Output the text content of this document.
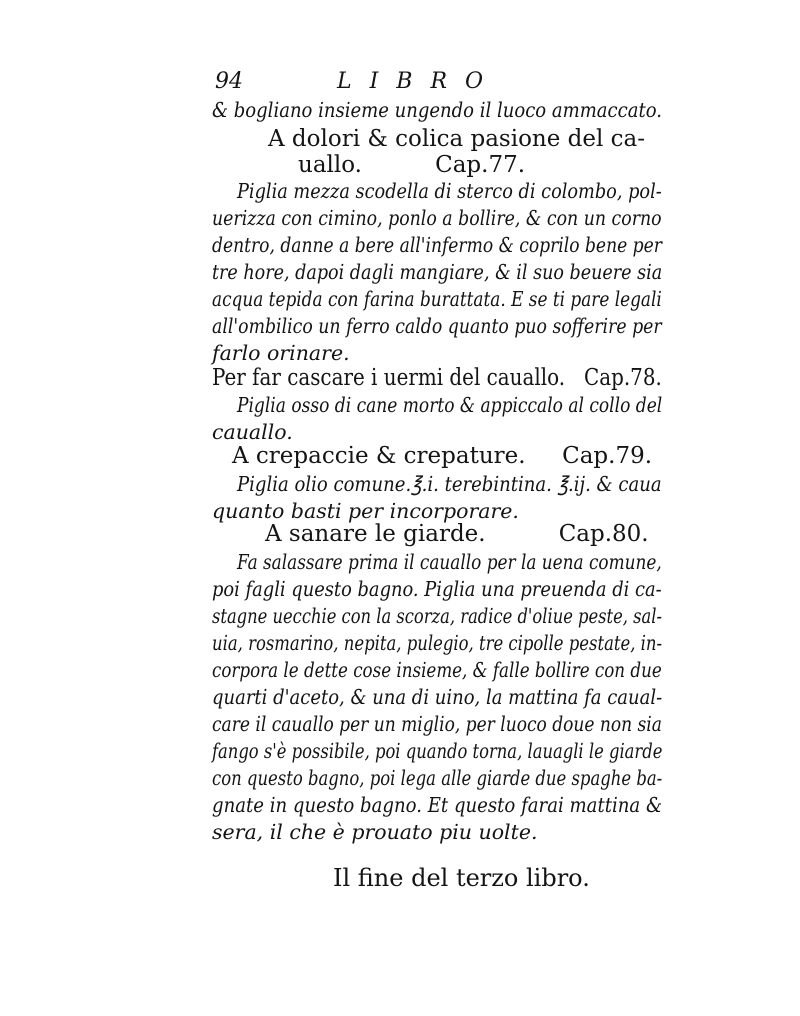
94	LIBRO
& bogliano insieme ungendo il luoco ammaccato.
A dolori & colica pasione del ca-
uallo.          Cap.77.
Piglia mezza scodella di sterco di colombo, pol-
uerizza con cimino, ponlo a bollire, & con un corno
dentro, danne a bere all'infermo & coprilo bene per
tre hore, dapoi dagli mangiare, & il suo beuere sia
acqua tepida con farina burattata. E se ti pare legali
all'ombilico un ferro caldo quanto puo sofferire per
farlo orinare.
Per far cascare i uermi del cauallo.   Cap.78.
Piglia osso di cane morto & appiccalo al collo del
cauallo.
A crepaccie & crepature.     Cap.79.
Piglia olio comune.℥.i. terebintina. ℥.ij. & caua
quanto basti per incorporare.
A sanare le giarde.          Cap.80.
Fa salassare prima il cauallo per la uena comune,
poi fagli questo bagno. Piglia una preuenda di ca-
stagne uecchie con la scorza, radice d'oliue peste, sal-
uia, rosmarino, nepita, pulegio, tre cipolle pestate, in-
corpora le dette cose insieme, & falle bollire con due
quarti d'aceto, & una di uino, la mattina fa caual-
care il cauallo per un miglio, per luoco doue non sia
fango s'è possibile, poi quando torna, lauagli le giarde
con questo bagno, poi lega alle giarde due spaghe ba-
gnate in questo bagno. Et questo farai mattina &
sera, il che è prouato piu uolte.
Il fine del terzo libro.
